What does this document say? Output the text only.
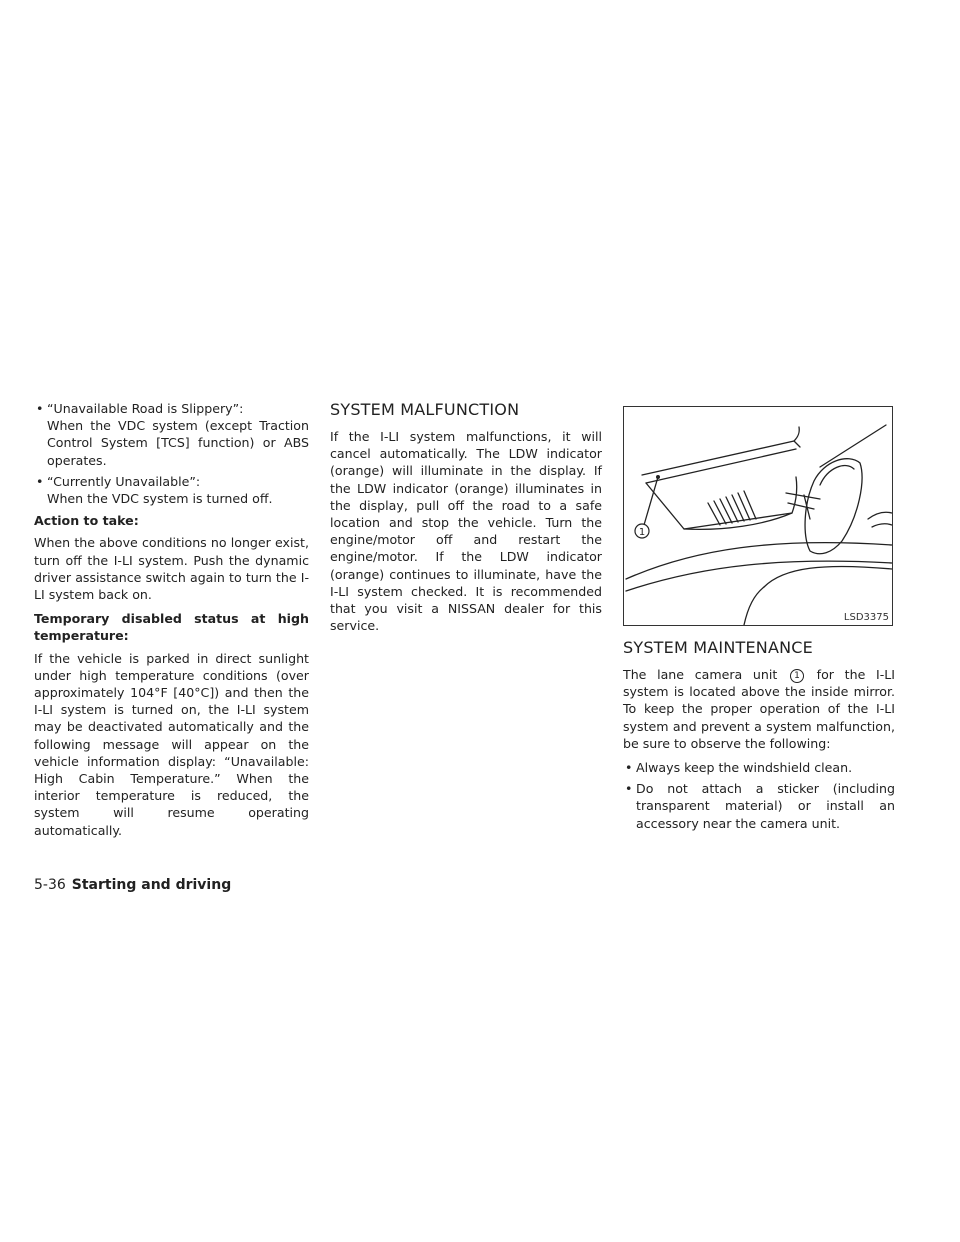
• “Unavailable Road is Slippery”:
When the VDC system (except Traction Control System [TCS] function) or ABS operates.
• “Currently Unavailable”:
When the VDC system is turned off.
Action to take:

When the above conditions no longer exist, turn off the I-LI system. Push the dynamic driver assistance switch again to turn the I-LI system back on.

Temporary disabled status at high temperature:

If the vehicle is parked in direct sunlight under high temperature conditions (over approximately 104°F [40°C]) and then the I-LI system is turned on, the I-LI system may be deactivated automatically and the following message will appear on the vehicle information display: “Unavailable: High Cabin Temperature.” When the interior temperature is reduced, the system will resume operating automatically.

SYSTEM MALFUNCTION

If the I-LI system malfunctions, it will cancel automatically. The LDW indicator (orange) will illuminate in the display. If the LDW indicator (orange) illuminates in the display, pull off the road to a safe location and stop the vehicle. Turn the engine/motor off and restart the engine/motor. If the LDW indicator (orange) continues to illuminate, have the I-LI system checked. It is recommended that you visit a NISSAN dealer for this service.

1
LSD3375
SYSTEM MAINTENANCE

The lane camera unit 1 for the I-LI system is located above the inside mirror. To keep the proper operation of the I-LI system and prevent a system malfunction, be sure to observe the following:

• Always keep the windshield clean.
• Do not attach a sticker (including transparent material) or install an accessory near the camera unit.
5-36 Starting and driving
